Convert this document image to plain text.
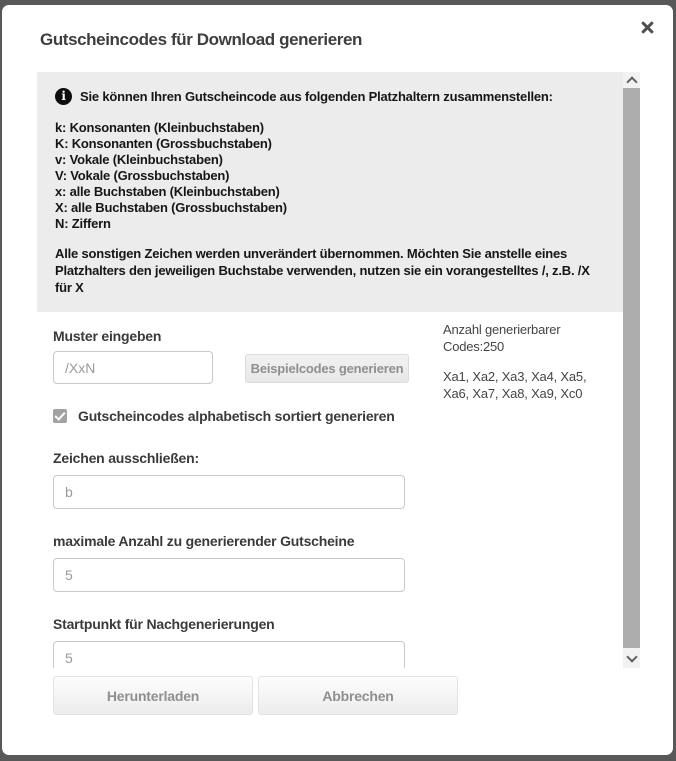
Gutscheincodes für Download generieren
i	Sie können Ihren Gutscheincode aus folgenden Platzhaltern zusammenstellen:
k: Konsonanten (Kleinbuchstaben)
K: Konsonanten (Grossbuchstaben)
v: Vokale (Kleinbuchstaben)
V: Vokale (Grossbuchstaben)
x: alle Buchstaben (Kleinbuchstaben)
X: alle Buchstaben (Grossbuchstaben)
N: Ziffern
Alle sonstigen Zeichen werden unverändert übernommen. Möchten Sie anstelle eines Platzhalters den jeweiligen Buchstabe verwenden, nutzen sie ein vorangestelltes /, z.B. /X für X
Muster eingeben
/XxN
Beispielcodes generieren
Gutscheincodes alphabetisch sortiert generieren
Zeichen ausschließen:
b
maximale Anzahl zu generierender Gutscheine
5
Startpunkt für Nachgenerierungen
5
Anzahl generierbarer
Codes:250
Xa1, Xa2, Xa3, Xa4, Xa5,
Xa6, Xa7, Xa8, Xa9, Xc0
Herunterladen	Abbrechen
